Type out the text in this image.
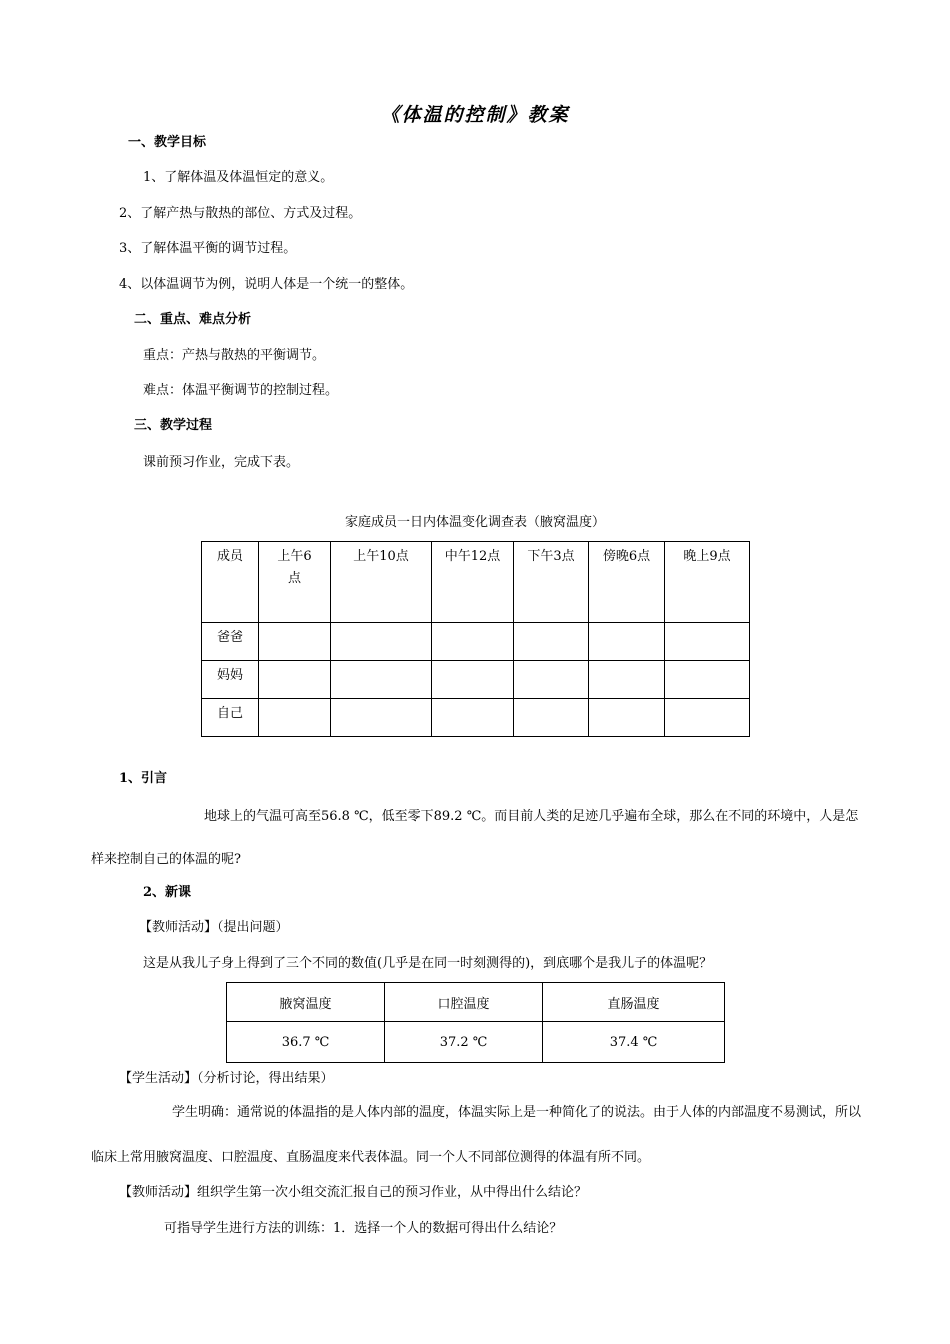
《体温的控制》教案
一、教学目标
1、了解体温及体温恒定的意义。
2、了解产热与散热的部位、方式及过程。
3、了解体温平衡的调节过程。
4、以体温调节为例，说明人体是一个统一的整体。
二、重点、难点分析
重点：产热与散热的平衡调节。
难点：体温平衡调节的控制过程。
三、教学过程
课前预习作业，完成下表。
家庭成员一日内体温变化调查表（腋窝温度）
成员	上午6点	上午10点	中午12点	下午3点	傍晚6点	晚上9点
爸爸						
妈妈						
自己						
1、引言
地球上的气温可高至56.8 ℃，低至零下89.2 ℃。而目前人类的足迹几乎遍布全球，那么在不同的环境中，人是怎样来控制自己的体温的呢?
2、新课
【教师活动】（提出问题）
这是从我儿子身上得到了三个不同的数值(几乎是在同一时刻测得的)，到底哪个是我儿子的体温呢？
腋窝温度	口腔温度	直肠温度
36.7 ℃	37.2 ℃	37.4 ℃
【学生活动】（分析讨论，得出结果）
学生明确：通常说的体温指的是人体内部的温度，体温实际上是一种简化了的说法。由于人体的内部温度不易测试，所以临床上常用腋窝温度、口腔温度、直肠温度来代表体温。同一个人不同部位测得的体温有所不同。
【教师活动】组织学生第一次小组交流汇报自己的预习作业，从中得出什么结论？
可指导学生进行方法的训练：1．选择一个人的数据可得出什么结论？
